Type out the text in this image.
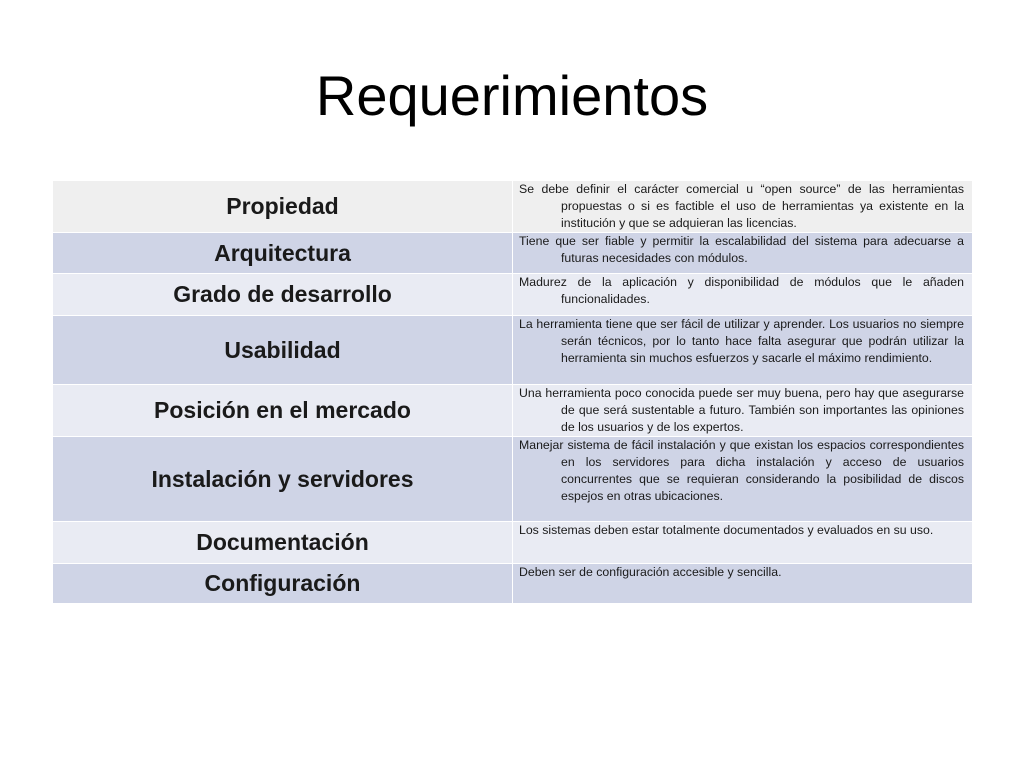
Requerimientos
Propiedad	Se debe definir el carácter comercial u “open source” de las herramientas propuestas o si es factible el uso de herramientas ya existente en la institución y que se adquieran las licencias.

Arquitectura	Tiene que ser fiable y permitir la escalabilidad del sistema para adecuarse a futuras necesidades con módulos.

Grado de desarrollo	Madurez de la aplicación y disponibilidad de módulos que le añaden funcionalidades.

Usabilidad	La herramienta tiene que ser fácil de utilizar y aprender. Los usuarios no siempre serán técnicos, por lo tanto hace falta asegurar que podrán utilizar la herramienta sin muchos esfuerzos y sacarle el máximo rendimiento.

Posición en el mercado	Una herramienta poco conocida puede ser muy buena, pero hay que asegurarse de que será sustentable a futuro. También son importantes las opiniones de los usuarios y de los expertos.

Instalación y servidores	Manejar sistema de fácil instalación y que existan los espacios correspondientes en los servidores para dicha instalación y acceso de usuarios concurrentes que se requieran considerando la posibilidad de discos espejos en otras ubicaciones.

Documentación	Los sistemas deben estar totalmente documentados y evaluados en su uso.

Configuración	Deben ser de configuración accesible y sencilla.
